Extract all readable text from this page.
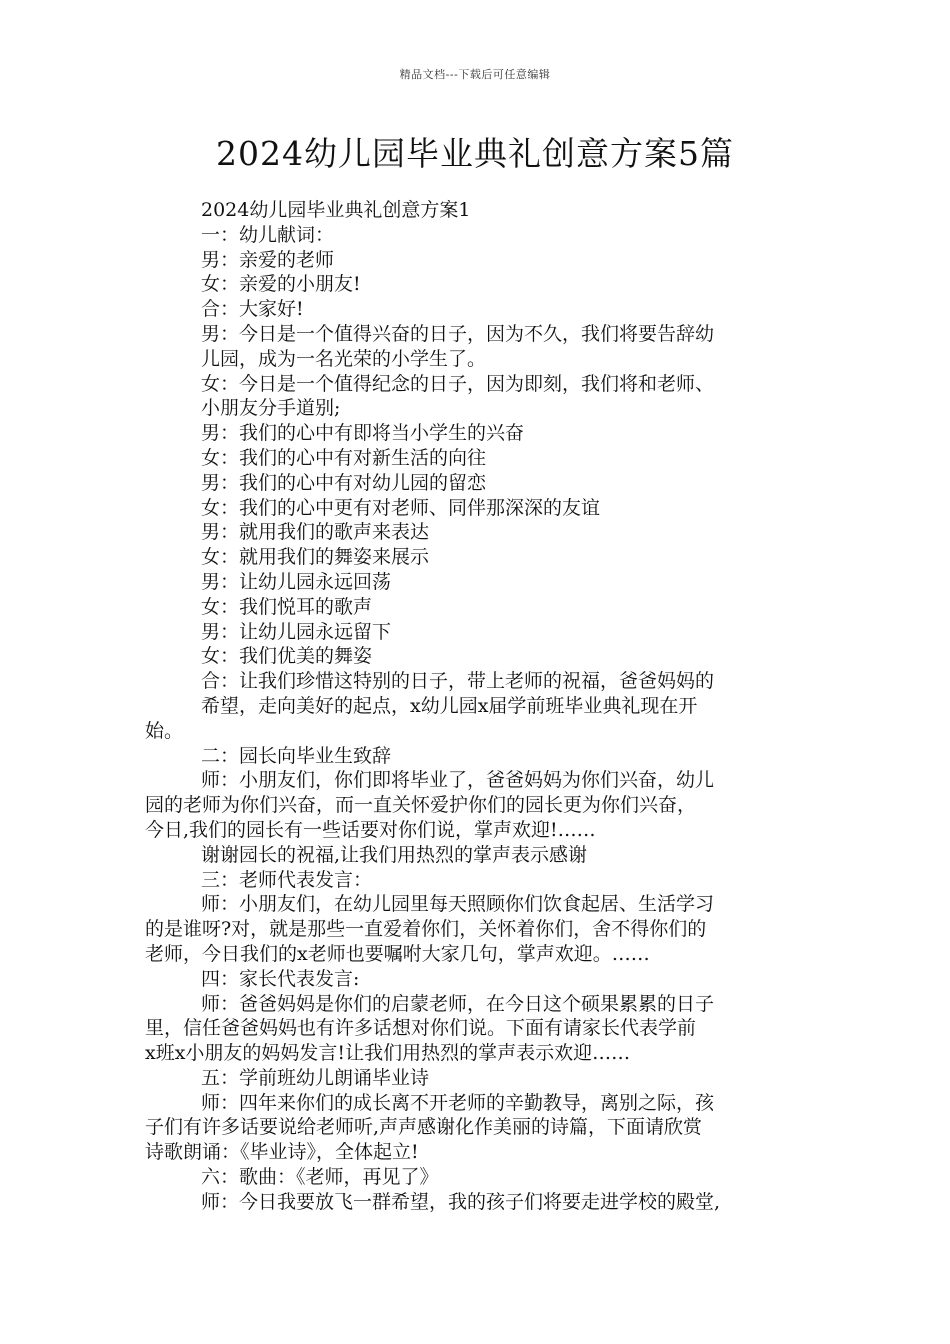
精品文档---下载后可任意编辑
2024幼儿园毕业典礼创意方案5篇
2024幼儿园毕业典礼创意方案1
一：幼儿献词：
男：亲爱的老师
女：亲爱的小朋友!
合：大家好!
男：今日是一个值得兴奋的日子，因为不久，我们将要告辞幼
儿园，成为一名光荣的小学生了。
女：今日是一个值得纪念的日子，因为即刻，我们将和老师、
小朋友分手道别;
男：我们的心中有即将当小学生的兴奋
女：我们的心中有对新生活的向往
男：我们的心中有对幼儿园的留恋
女：我们的心中更有对老师、同伴那深深的友谊
男：就用我们的歌声来表达
女：就用我们的舞姿来展示
男：让幼儿园永远回荡
女：我们悦耳的歌声
男：让幼儿园永远留下
女：我们优美的舞姿
合：让我们珍惜这特别的日子，带上老师的祝福，爸爸妈妈的
希望，走向美好的起点，x幼儿园x届学前班毕业典礼现在开
始。
二：园长向毕业生致辞
师：小朋友们，你们即将毕业了，爸爸妈妈为你们兴奋，幼儿
园的老师为你们兴奋，而一直关怀爱护你们的园长更为你们兴奋，
今日,我们的园长有一些话要对你们说，掌声欢迎!……
谢谢园长的祝福,让我们用热烈的掌声表示感谢
三：老师代表发言：
师：小朋友们，在幼儿园里每天照顾你们饮食起居、生活学习
的是谁呀?对，就是那些一直爱着你们，关怀着你们，舍不得你们的
老师，今日我们的x老师也要嘱咐大家几句，掌声欢迎。……
四：家长代表发言:
师：爸爸妈妈是你们的启蒙老师，在今日这个硕果累累的日子
里，信任爸爸妈妈也有许多话想对你们说。下面有请家长代表学前
x班x小朋友的妈妈发言!让我们用热烈的掌声表示欢迎……
五：学前班幼儿朗诵毕业诗
师：四年来你们的成长离不开老师的辛勤教导，离别之际，孩
子们有许多话要说给老师听,声声感谢化作美丽的诗篇，下面请欣赏
诗歌朗诵：《毕业诗》，全体起立!
六：歌曲：《老师，再见了》
师：今日我要放飞一群希望，我的孩子们将要走进学校的殿堂,
